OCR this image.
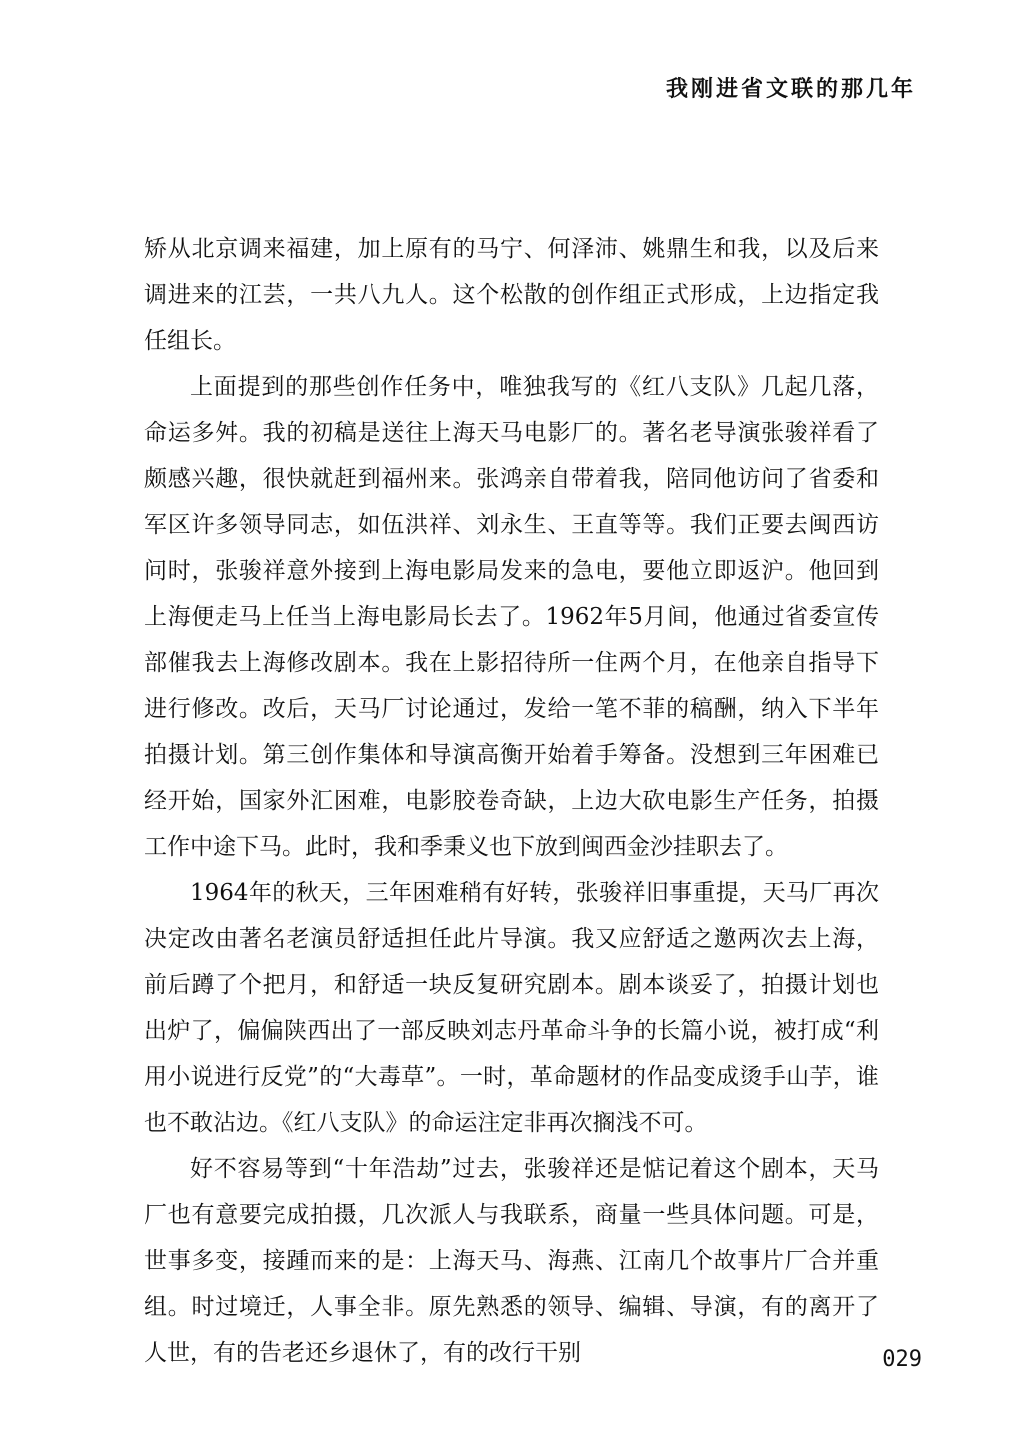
我刚进省文联的那几年

矫从北京调来福建，加上原有的马宁、何泽沛、姚鼎生和我，以及后来调进来的江芸，一共八九人。这个松散的创作组正式形成，上边指定我任组长。

上面提到的那些创作任务中，唯独我写的《红八支队》几起几落，命运多舛。我的初稿是送往上海天马电影厂的。著名老导演张骏祥看了颇感兴趣，很快就赶到福州来。张鸿亲自带着我，陪同他访问了省委和军区许多领导同志，如伍洪祥、刘永生、王直等等。我们正要去闽西访问时，张骏祥意外接到上海电影局发来的急电，要他立即返沪。他回到上海便走马上任当上海电影局长去了。1962年5月间，他通过省委宣传部催我去上海修改剧本。我在上影招待所一住两个月，在他亲自指导下进行修改。改后，天马厂讨论通过，发给一笔不菲的稿酬，纳入下半年拍摄计划。第三创作集体和导演高衡开始着手筹备。没想到三年困难已经开始，国家外汇困难，电影胶卷奇缺，上边大砍电影生产任务，拍摄工作中途下马。此时，我和季秉义也下放到闽西金沙挂职去了。

1964年的秋天，三年困难稍有好转，张骏祥旧事重提，天马厂再次决定改由著名老演员舒适担任此片导演。我又应舒适之邀两次去上海，前后蹲了个把月，和舒适一块反复研究剧本。剧本谈妥了，拍摄计划也出炉了，偏偏陕西出了一部反映刘志丹革命斗争的长篇小说，被打成“利用小说进行反党”的“大毒草”。一时，革命题材的作品变成烫手山芋，谁也不敢沾边。《红八支队》的命运注定非再次搁浅不可。

好不容易等到“十年浩劫”过去，张骏祥还是惦记着这个剧本，天马厂也有意要完成拍摄，几次派人与我联系，商量一些具体问题。可是，世事多变，接踵而来的是：上海天马、海燕、江南几个故事片厂合并重组。时过境迁，人事全非。原先熟悉的领导、编辑、导演，有的离开了人世，有的告老还乡退休了，有的改行干别	029
